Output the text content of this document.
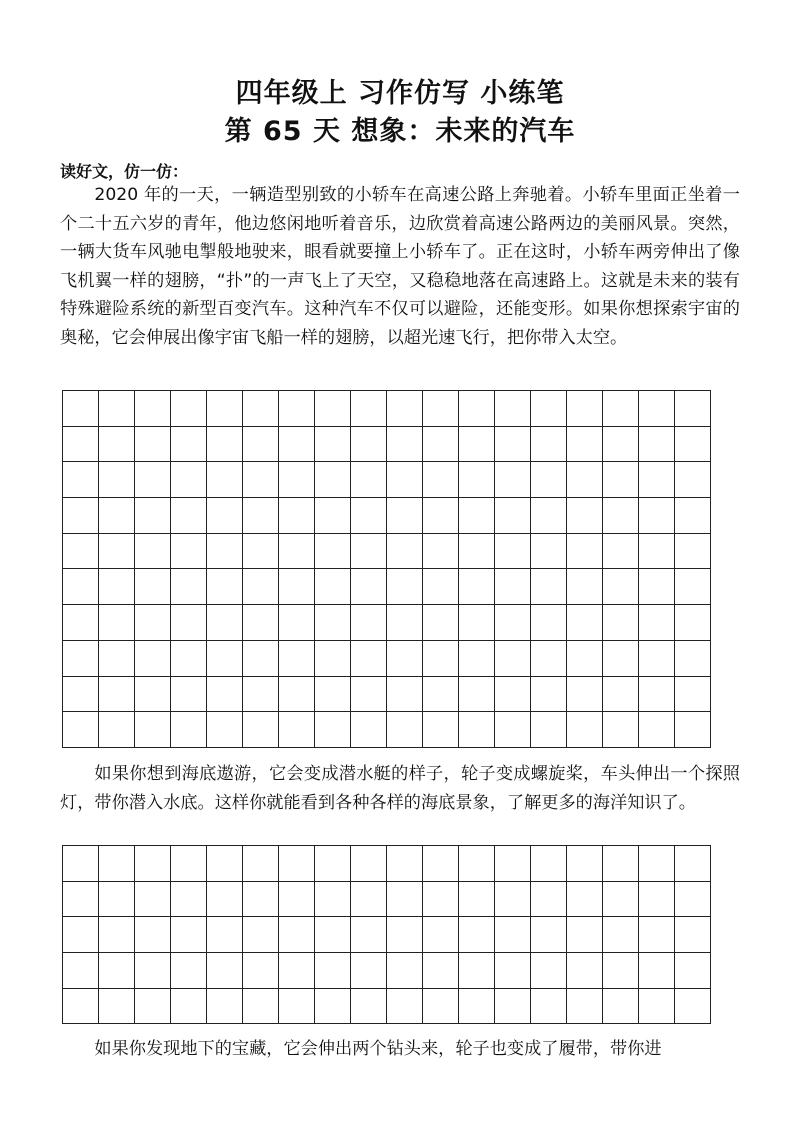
四年级上 习作仿写 小练笔
第 65 天 想象：未来的汽车
读好文，仿一仿：

2020 年的一天，一辆造型别致的小轿车在高速公路上奔驰着。小轿车里面正坐着一个二十五六岁的青年，他边悠闲地听着音乐，边欣赏着高速公路两边的美丽风景。突然，一辆大货车风驰电掣般地驶来，眼看就要撞上小轿车了。正在这时，小轿车两旁伸出了像飞机翼一样的翅膀，“扑”的一声飞上了天空，又稳稳地落在高速路上。这就是未来的装有特殊避险系统的新型百变汽车。这种汽车不仅可以避险，还能变形。如果你想探索宇宙的奥秘，它会伸展出像宇宙飞船一样的翅膀，以超光速飞行，把你带入太空。

如果你想到海底遨游，它会变成潜水艇的样子，轮子变成螺旋桨，车头伸出一个探照灯，带你潜入水底。这样你就能看到各种各样的海底景象，了解更多的海洋知识了。

如果你发现地下的宝藏，它会伸出两个钻头来，轮子也变成了履带，带你进
